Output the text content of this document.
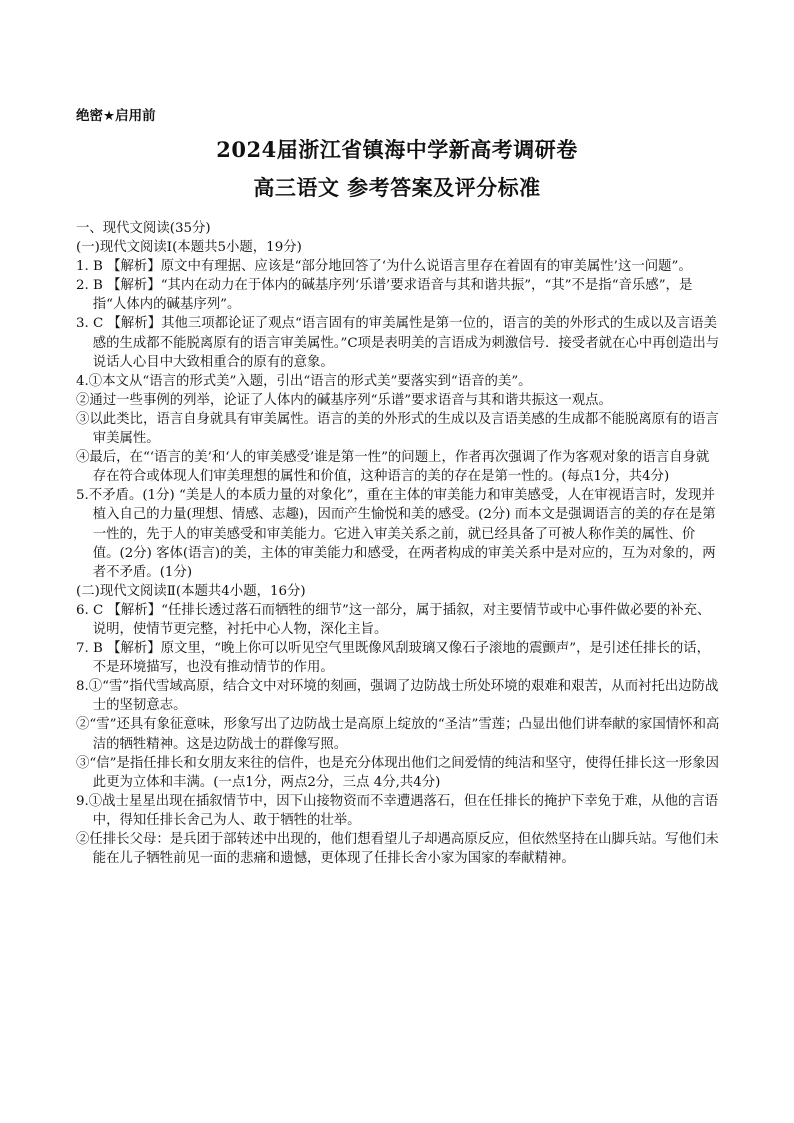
绝密★启用前
2024届浙江省镇海中学新高考调研卷
高三语文 参考答案及评分标准

一、现代文阅读(35分)

(一)现代文阅读Ⅰ(本题共5小题，19分)

1. B 【解析】原文中有理据、应该是“部分地回答了‘为什么说语言里存在着固有的审美属性’这一问题”。

2. B 【解析】“其内在动力在于体内的碱基序列‘乐谱’要求语音与其和谐共振”，“其”不是指“音乐感”，是指“人体内的碱基序列”。

3. C 【解析】其他三项都论证了观点“语言固有的审美属性是第一位的，语言的美的外形式的生成以及言语美感的生成都不能脱离原有的语言审美属性。”C项是表明美的言语成为刺激信号．接受者就在心中再创造出与说话人心目中大致相重合的原有的意象。

4.①本文从“语言的形式美”入题，引出“语言的形式美”要落实到“语音的美”。

②通过一些事例的列举，论证了人体内的碱基序列“乐谱”要求语音与其和谐共振这一观点。

③以此类比，语言自身就具有审美属性。语言的美的外形式的生成以及言语美感的生成都不能脱离原有的语言审美属性。

④最后，在“‘语言的美’和‘人的审美感受’谁是第一性”的问题上，作者再次强调了作为客观对象的语言自身就存在符合或体现人们审美理想的属性和价值，这种语言的美的存在是第一性的。(每点1分，共4分)

5.不矛盾。(1分) “美是人的本质力量的对象化”，重在主体的审美能力和审美感受，人在审视语言时，发现并植入自己的力量(理想、情感、志趣)，因而产生愉悦和美的感受。(2分) 而本文是强调语言的美的存在是第一性的，先于人的审美感受和审美能力。它进入审美关系之前，就已经具备了可被人称作美的属性、价值。(2分) 客体(语言)的美，主体的审美能力和感受，在两者构成的审美关系中是对应的，互为对象的，两者不矛盾。(1分)

(二)现代文阅读Ⅱ(本题共4小题，16分)

6. C 【解析】“任排长透过落石而牺牲的细节”这一部分，属于插叙，对主要情节或中心事件做必要的补充、说明，使情节更完整，衬托中心人物，深化主旨。

7. B 【解析】原文里，“晚上你可以听见空气里既像风刮玻璃又像石子滚地的震颤声”，是引述任排长的话，不是环境描写，也没有推动情节的作用。

8.①“雪”指代雪域高原，结合文中对环境的刻画，强调了边防战士所处环境的艰难和艰苦，从而衬托出边防战士的坚韧意志。

②“雪”还具有象征意味，形象写出了边防战士是高原上绽放的“圣洁”雪莲；凸显出他们讲奉献的家国情怀和高洁的牺牲精神。这是边防战士的群像写照。

③“信”是指任排长和女朋友来往的信件，也是充分体现出他们之间爱情的纯洁和坚守，使得任排长这一形象因此更为立体和丰满。(一点1分，两点2分，三点 4分,共4分)

9.①战士星星出现在插叙情节中，因下山接物资而不幸遭遇落石，但在任排长的掩护下幸免于难，从他的言语中，得知任排长舍己为人、敢于牺牲的壮举。

②任排长父母：是兵团于部转述中出现的，他们想看望儿子却遇高原反应，但依然坚持在山脚兵站。写他们未能在儿子牺牲前见一面的悲痛和遗憾，更体现了任排长舍小家为国家的奉献精神。
